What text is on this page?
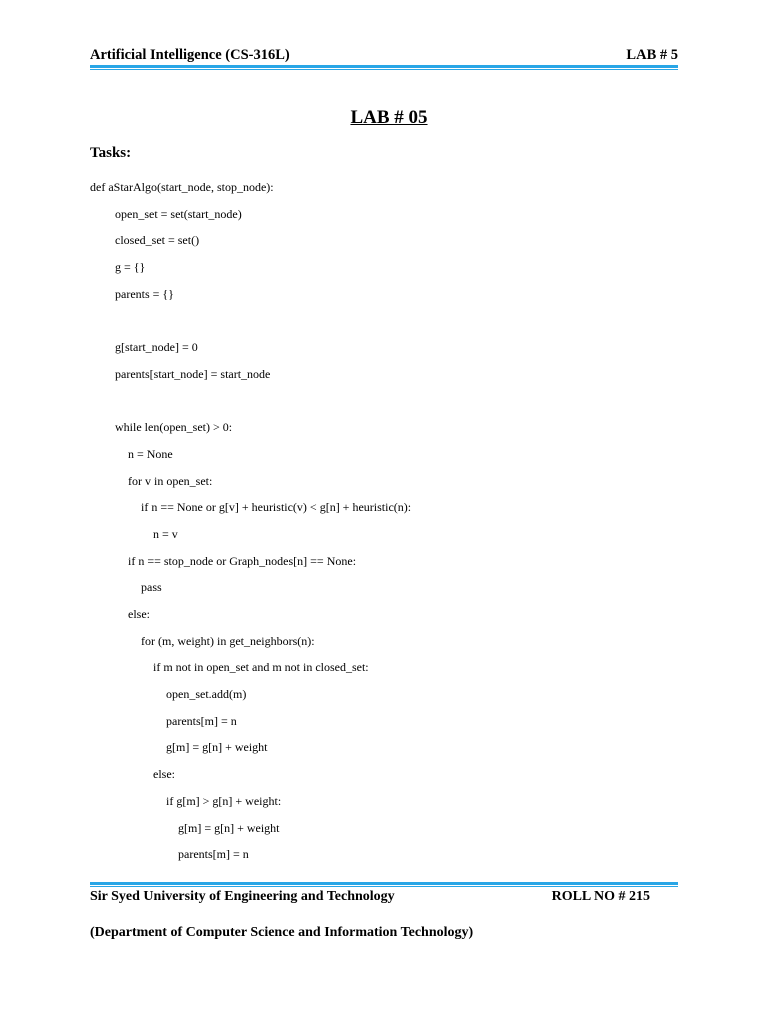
Artificial Intelligence (CS-316L)	LAB # 5
LAB # 05
Tasks:
def aStarAlgo(start_node, stop_node):
open_set = set(start_node)
closed_set = set()
g = {}
parents = {}
g[start_node] = 0
parents[start_node] = start_node
while len(open_set) > 0:
n = None
for v in open_set:
if n == None or g[v] + heuristic(v) < g[n] + heuristic(n):
n = v
if n == stop_node or Graph_nodes[n] == None:
pass
else:
for (m, weight) in get_neighbors(n):
if m not in open_set and m not in closed_set:
open_set.add(m)
parents[m] = n
g[m] = g[n] + weight
else:
if g[m] > g[n] + weight:
g[m] = g[n] + weight
parents[m] = n
Sir Syed University of Engineering and Technology	ROLL NO # 215
(Department of Computer Science and Information Technology)
